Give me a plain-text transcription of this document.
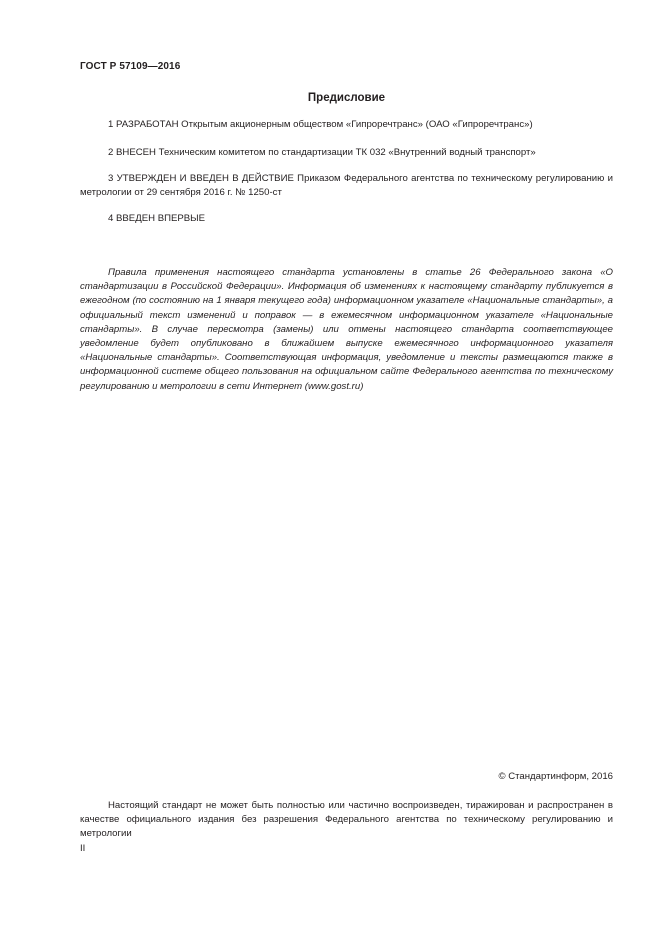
ГОСТ Р 57109—2016
Предисловие

1 РАЗРАБОТАН Открытым акционерным обществом «Гипроречтранс» (ОАО «Гипроречтранс»)

2 ВНЕСЕН Техническим комитетом по стандартизации ТК 032 «Внутренний водный транспорт»

3 УТВЕРЖДЕН И ВВЕДЕН В ДЕЙСТВИЕ Приказом Федерального агентства по техническому регулированию и метрологии от 29 сентября 2016 г. № 1250-ст

4 ВВЕДЕН ВПЕРВЫЕ

Правила применения настоящего стандарта установлены в статье 26 Федерального закона «О стандартизации в Российской Федерации». Информация об изменениях к настоящему стандарту публикуется в ежегодном (по состоянию на 1 января текущего года) информационном указателе «Национальные стандарты», а официальный текст изменений и поправок — в ежемесячном информационном указателе «Национальные стандарты». В случае пересмотра (замены) или отмены настоящего стандарта соответствующее уведомление будет опубликовано в ближайшем выпуске ежемесячного информационного указателя «Национальные стандарты». Соответствующая информация, уведомление и тексты размещаются также в информационной системе общего пользования на официальном сайте Федерального агентства по техническому регулированию и метрологии в сети Интернет (www.gost.ru)

© Стандартинформ, 2016

Настоящий стандарт не может быть полностью или частично воспроизведен, тиражирован и распространен в качестве официального издания без разрешения Федерального агентства по техническому регулированию и метрологии

II
